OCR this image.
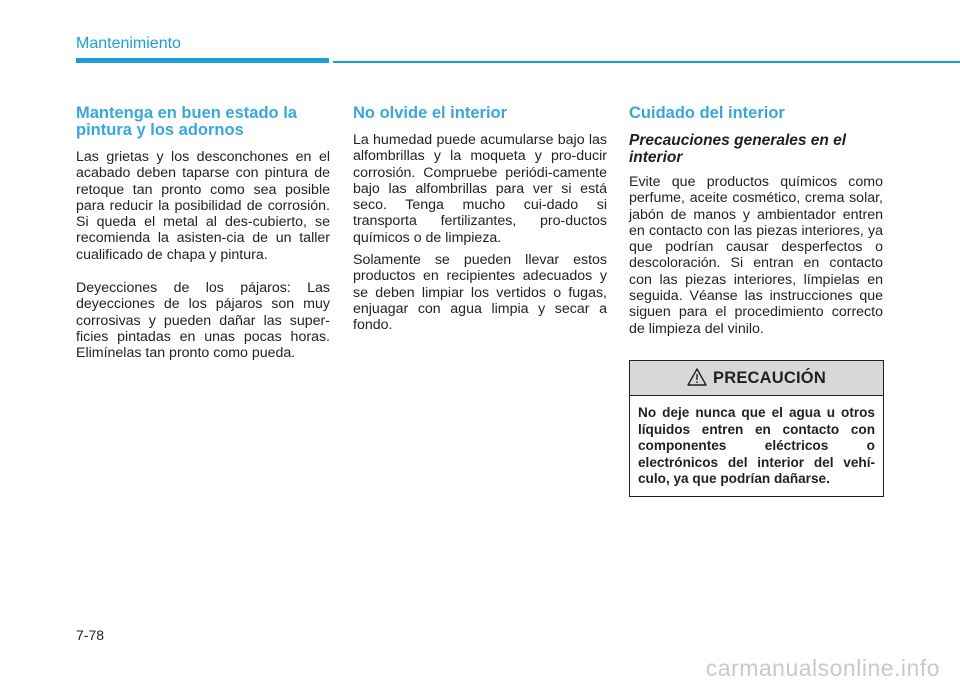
Mantenimiento
Mantenga en buen estado la pintura y los adornos

Las grietas y los desconchones en el acabado deben taparse con pintura de retoque tan pronto como sea posible para reducir la posibilidad de corrosión. Si queda el metal al des-cubierto, se recomienda la asisten-cia de un taller cualificado de chapa y pintura.

Deyecciones de los pájaros: Las deyecciones de los pájaros son muy corrosivas y pueden dañar las super-ficies pintadas en unas pocas horas. Elimínelas tan pronto como pueda.

No olvide el interior

La humedad puede acumularse bajo las alfombrillas y la moqueta y pro-ducir corrosión. Compruebe periódi-camente bajo las alfombrillas para ver si está seco. Tenga mucho cui-dado si transporta fertilizantes, pro-ductos químicos o de limpieza.

Solamente se pueden llevar estos productos en recipientes adecuados y se deben limpiar los vertidos o fugas, enjuagar con agua limpia y secar a fondo.

Cuidado del interior
Precauciones generales en el interior

Evite que productos químicos como perfume, aceite cosmético, crema solar, jabón de manos y ambientador entren en contacto con las piezas interiores, ya que podrían causar desperfectos o descoloración. Si entran en contacto con las piezas interiores, límpielas en seguida. Véanse las instrucciones que siguen para el procedimiento correcto de limpieza del vinilo.

PRECAUCIÓN
No deje nunca que el agua u otros líquidos entren en contacto con componentes eléctricos o electrónicos del interior del vehí-culo, ya que podrían dañarse.
7-78
carmanualsonline.info
